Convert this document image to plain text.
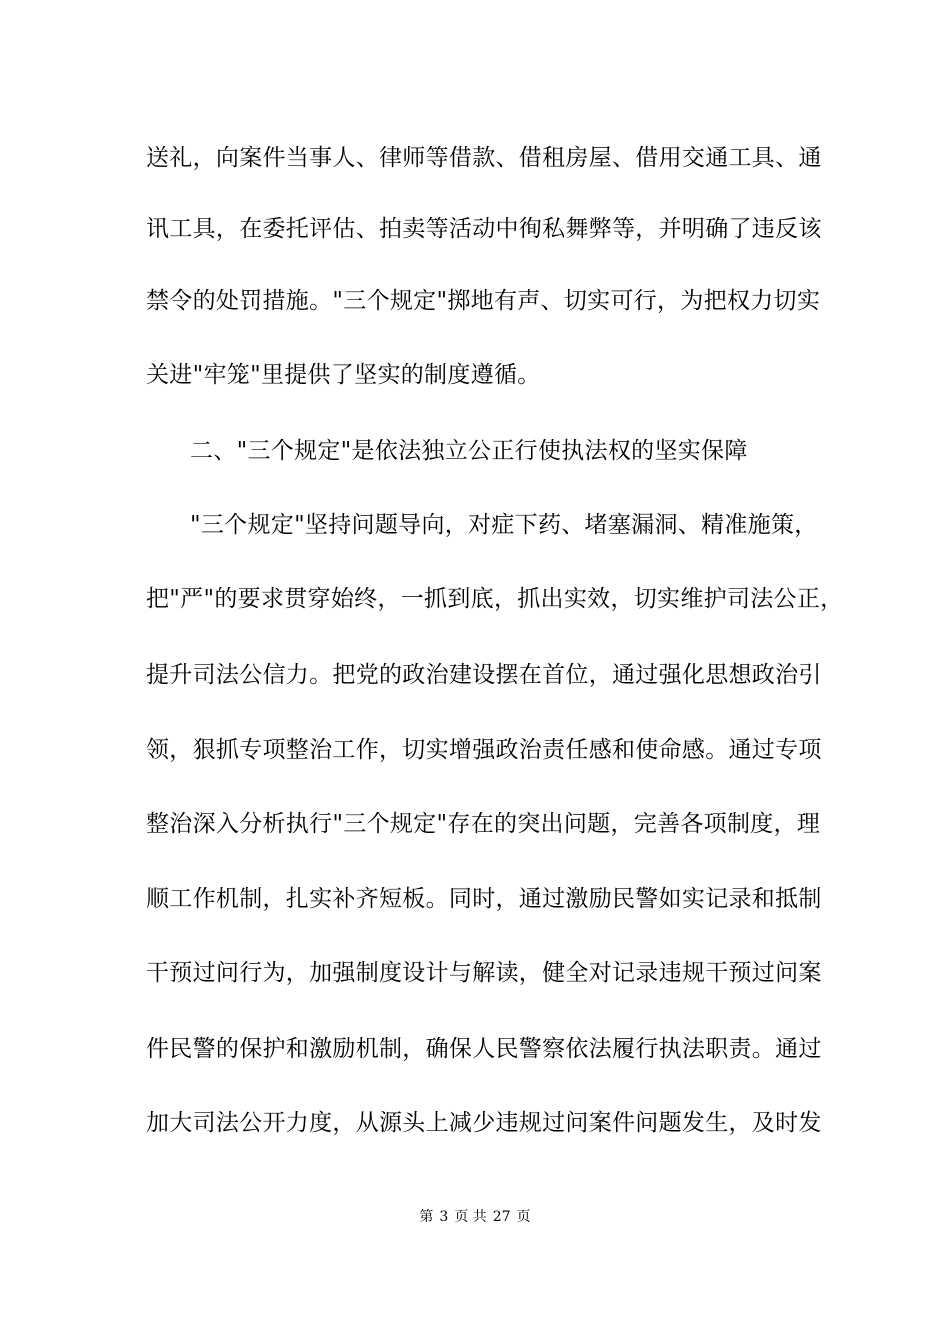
送礼，向案件当事人、律师等借款、借租房屋、借用交通工具、通
讯工具，在委托评估、拍卖等活动中徇私舞弊等，并明确了违反该
禁令的处罚措施。"三个规定"掷地有声、切实可行，为把权力切实
关进"牢笼"里提供了坚实的制度遵循。
二、"三个规定"是依法独立公正行使执法权的坚实保障
"三个规定"坚持问题导向，对症下药、堵塞漏洞、精准施策，
把"严"的要求贯穿始终，一抓到底，抓出实效，切实维护司法公正，
提升司法公信力。把党的政治建设摆在首位，通过强化思想政治引
领，狠抓专项整治工作，切实增强政治责任感和使命感。通过专项
整治深入分析执行"三个规定"存在的突出问题，完善各项制度，理
顺工作机制，扎实补齐短板。同时，通过激励民警如实记录和抵制
干预过问行为，加强制度设计与解读，健全对记录违规干预过问案
件民警的保护和激励机制，确保人民警察依法履行执法职责。通过
加大司法公开力度，从源头上减少违规过问案件问题发生，及时发
第 3 页 共 27 页
